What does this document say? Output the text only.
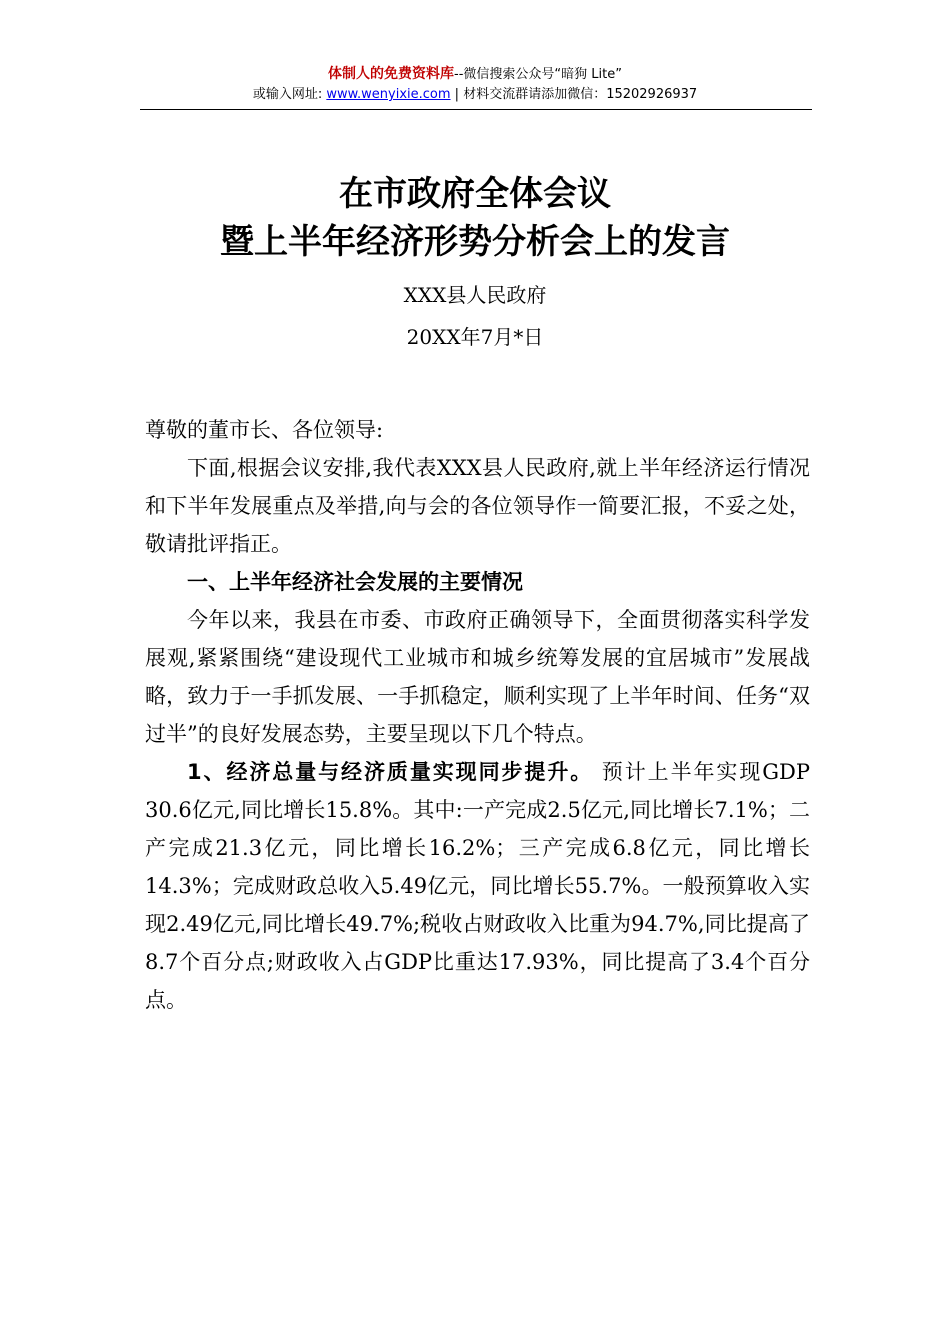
体制人的免费资料库--微信搜索公众号“暗狗 Lite”
或输入网址: www.wenyixie.com | 材料交流群请添加微信：15202926937
在市政府全体会议
暨上半年经济形势分析会上的发言
XXX县人民政府
20XX年7月*日

尊敬的董市长、各位领导:

下面,根据会议安排,我代表XXX县人民政府,就上半年经济运行情况和下半年发展重点及举措,向与会的各位领导作一简要汇报，不妥之处，敬请批评指正。

一、上半年经济社会发展的主要情况

今年以来，我县在市委、市政府正确领导下，全面贯彻落实科学发展观,紧紧围绕“建设现代工业城市和城乡统筹发展的宜居城市”发展战略，致力于一手抓发展、一手抓稳定，顺利实现了上半年时间、任务“双过半”的良好发展态势，主要呈现以下几个特点。

1、经济总量与经济质量实现同步提升。 预计上半年实现GDP 30.6亿元,同比增长15.8%。其中:一产完成2.5亿元,同比增长7.1%；二产完成21.3亿元，同比增长16.2%；三产完成6.8亿元，同比增长14.3%；完成财政总收入5.49亿元，同比增长55.7%。一般预算收入实现2.49亿元,同比增长49.7%;税收占财政收入比重为94.7%,同比提高了8.7个百分点;财政收入占GDP比重达17.93%，同比提高了3.4个百分点。
